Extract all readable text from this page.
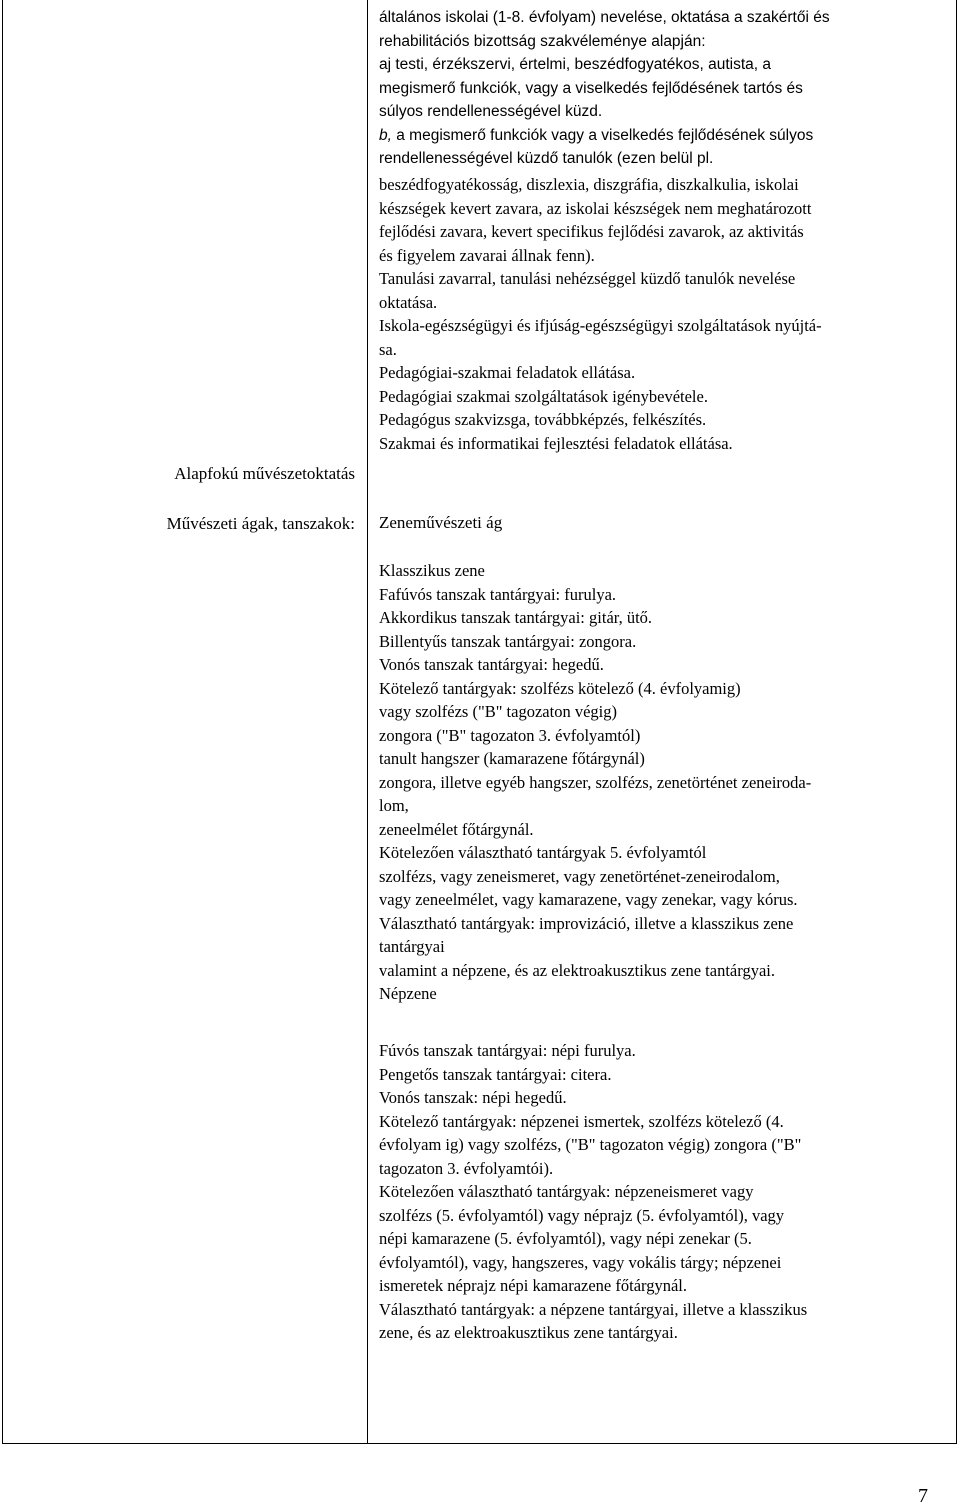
Alapfokú művészetoktatás
Művészeti ágak, tanszakok:
általános iskolai (1-8. évfolyam) nevelése, oktatása a szakértői és
rehabilitációs bizottság szakvéleménye alapján:
aj testi, érzékszervi, értelmi, beszédfogyatékos, autista, a
megismerő funkciók, vagy a viselkedés fejlődésének tartós és
súlyos rendellenességével küzd.
b, a megismerő funkciók vagy a viselkedés fejlődésének súlyos
rendellenességével küzdő tanulók (ezen belül pl.
beszédfogyatékosság, diszlexia, diszgráfia, diszkalkulia, iskolai
készségek kevert zavara, az iskolai készségek nem meghatározott
fejlődési zavara, kevert specifikus fejlődési zavarok, az aktivitás
és figyelem zavarai állnak fenn).
Tanulási zavarral, tanulási nehézséggel küzdő tanulók nevelése
oktatása.
Iskola-egészségügyi és ifjúság-egészségügyi szolgáltatások nyújtá-
sa.
Pedagógiai-szakmai feladatok ellátása.
Pedagógiai szakmai szolgáltatások igénybevétele.
Pedagógus szakvizsga, továbbképzés, felkészítés.
Szakmai és informatikai fejlesztési feladatok ellátása.
Zeneművészeti ág
Klasszikus zene
Fafúvós tanszak tantárgyai: furulya.
Akkordikus tanszak tantárgyai: gitár, ütő.
Billentyűs tanszak tantárgyai: zongora.
Vonós tanszak tantárgyai: hegedű.
Kötelező tantárgyak: szolfézs kötelező (4. évfolyamig)
vagy szolfézs ("B" tagozaton végig)
zongora ("B" tagozaton 3. évfolyamtól)
tanult hangszer (kamarazene főtárgynál)
zongora, illetve egyéb hangszer, szolfézs, zenetörténet zeneiroda-
lom,
zeneelmélet főtárgynál.
Kötelezően választható tantárgyak 5. évfolyamtól
szolfézs, vagy zeneismeret, vagy zenetörténet-zeneirodalom,
vagy zeneelmélet, vagy kamarazene, vagy zenekar, vagy kórus.
Választható tantárgyak: improvizáció, illetve a klasszikus zene
tantárgyai
valamint a népzene, és az elektroakusztikus zene tantárgyai.
Népzene
Fúvós tanszak tantárgyai: népi furulya.
Pengetős tanszak tantárgyai: citera.
Vonós tanszak: népi hegedű.
Kötelező tantárgyak: népzenei ismertek, szolfézs kötelező (4.
évfolyam ig) vagy szolfézs, ("B" tagozaton végig) zongora ("B"
tagozaton 3. évfolyamtói).
Kötelezően választható tantárgyak: népzeneismeret vagy
szolfézs (5. évfolyamtól) vagy néprajz (5. évfolyamtól), vagy
népi kamarazene (5. évfolyamtól), vagy népi zenekar (5.
évfolyamtól), vagy, hangszeres, vagy vokális tárgy; népzenei
ismeretek néprajz népi kamarazene főtárgynál.
Választható tantárgyak: a népzene tantárgyai, illetve a klasszikus
zene, és az elektroakusztikus zene tantárgyai.
7
